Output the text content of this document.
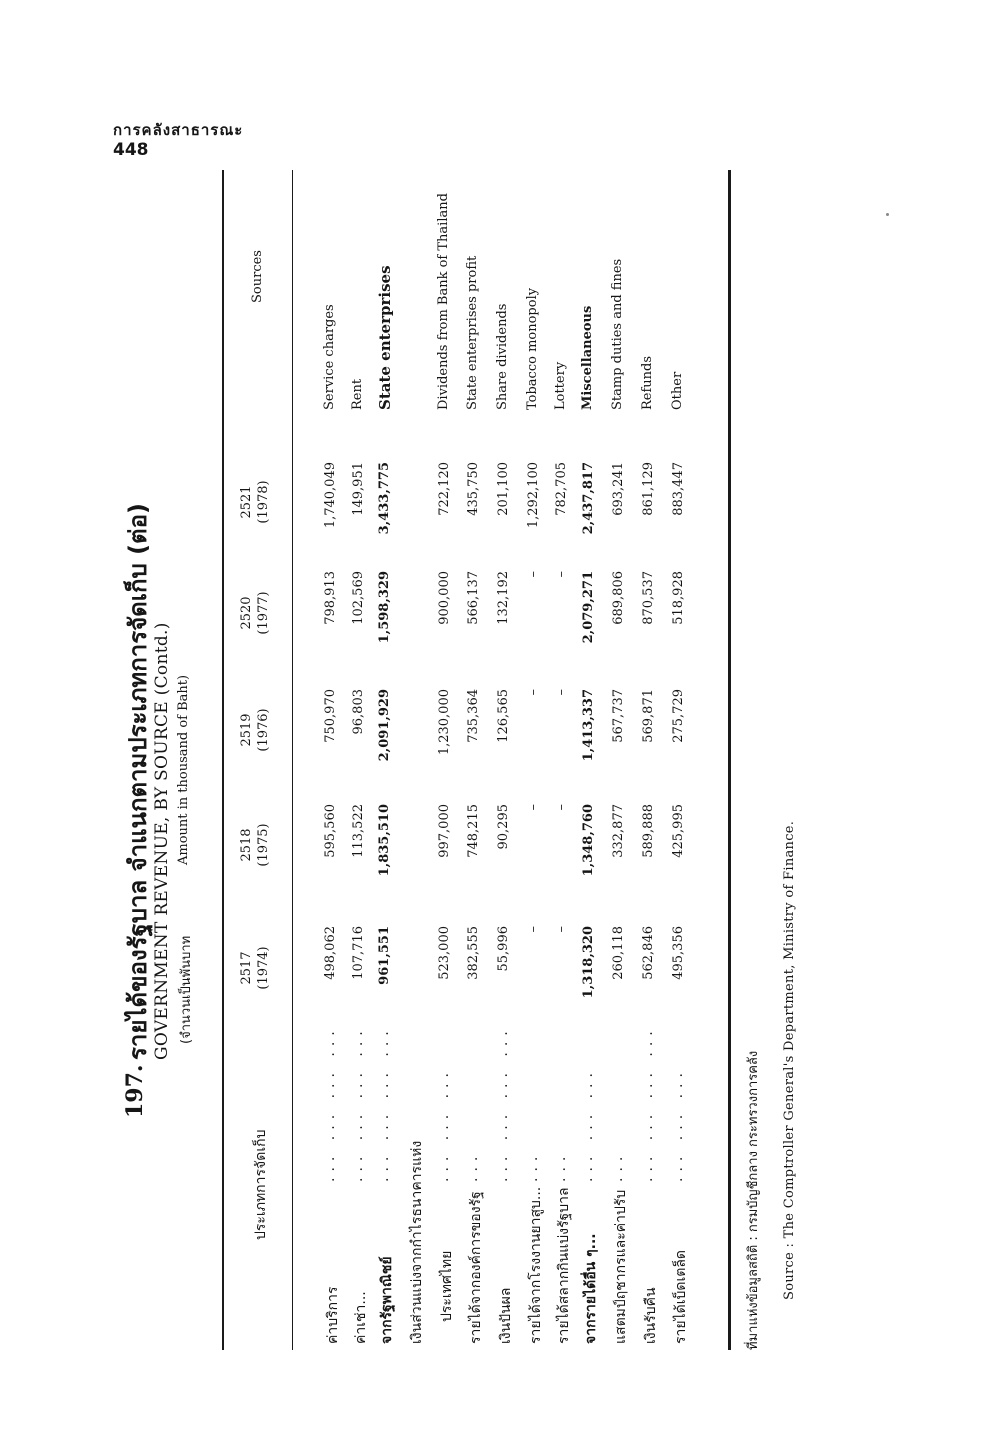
การคลังสาธารณะ
448
197.
รายได้ของรัฐบาล จำแนกตามประเภทการจัดเก็บ (ต่อ) GOVERNMENT REVENUE, BY SOURCE (Contd.) (จำนวนเป็นพันบาท
Amount in thousand of Baht)
ประเภทการจัดเก็บ
2517 (1974)
2518 (1975)
2519 (1976)
2520 (1977)
2521 (1978)
Sources
ค่าบริการ
... ... ... ...
498,062
595,560
750,970
798,913
1,740,049
Service charges
ค่าเช่า...
... ... ... ...
107,716
113,522
96,803
102,569
149,951
Rent
จากรัฐพาณิชย์
... ... ... ...
961,551
1,835,510
2,091,929
1,598,329
3,433,775
State enterprises
เงินส่วนแบ่งจากกำไรธนาคารแห่ง ประเทศไทย
... ... ...
523,000
997,000
1,230,000
900,000
722,120
Dividends from Bank of Thailand
รายได้จากองค์การของรัฐ
...
382,555
748,215
735,364
566,137
435,750
State enterprises profit
เงินปันผล
... ... ... ...
55,996
90,295
126,565
132,192
201,100
Share dividends
รายได้จากโรงงานยาสูบ...
...
–
–
–
–
1,292,100
Tobacco monopoly
รายได้สลากกินแบ่งรัฐบาล
...
–
–
–
–
782,705
Lottery
จากรายได้อื่น ๆ...
... ... ...
1,318,320
1,348,760
1,413,337
2,079,271
2,437,817
Miscellaneous
แสตมป์ฤชากรและค่าปรับ
...
260,118
332,877
567,737
689,806
693,241
Stamp duties and fines
เงินรับคืน
... ... ... ...
562,846
589,888
569,871
870,537
861,129
Refunds
รายได้เบ็ดเตล็ด
... ... ...
495,356
425,995
275,729
518,928
883,447
Other
ที่มาแห่งข้อมูลสถิติ : กรมบัญชีกลาง กระทรวงการคลัง Source : The Comptroller General's Department, Ministry of Finance.
